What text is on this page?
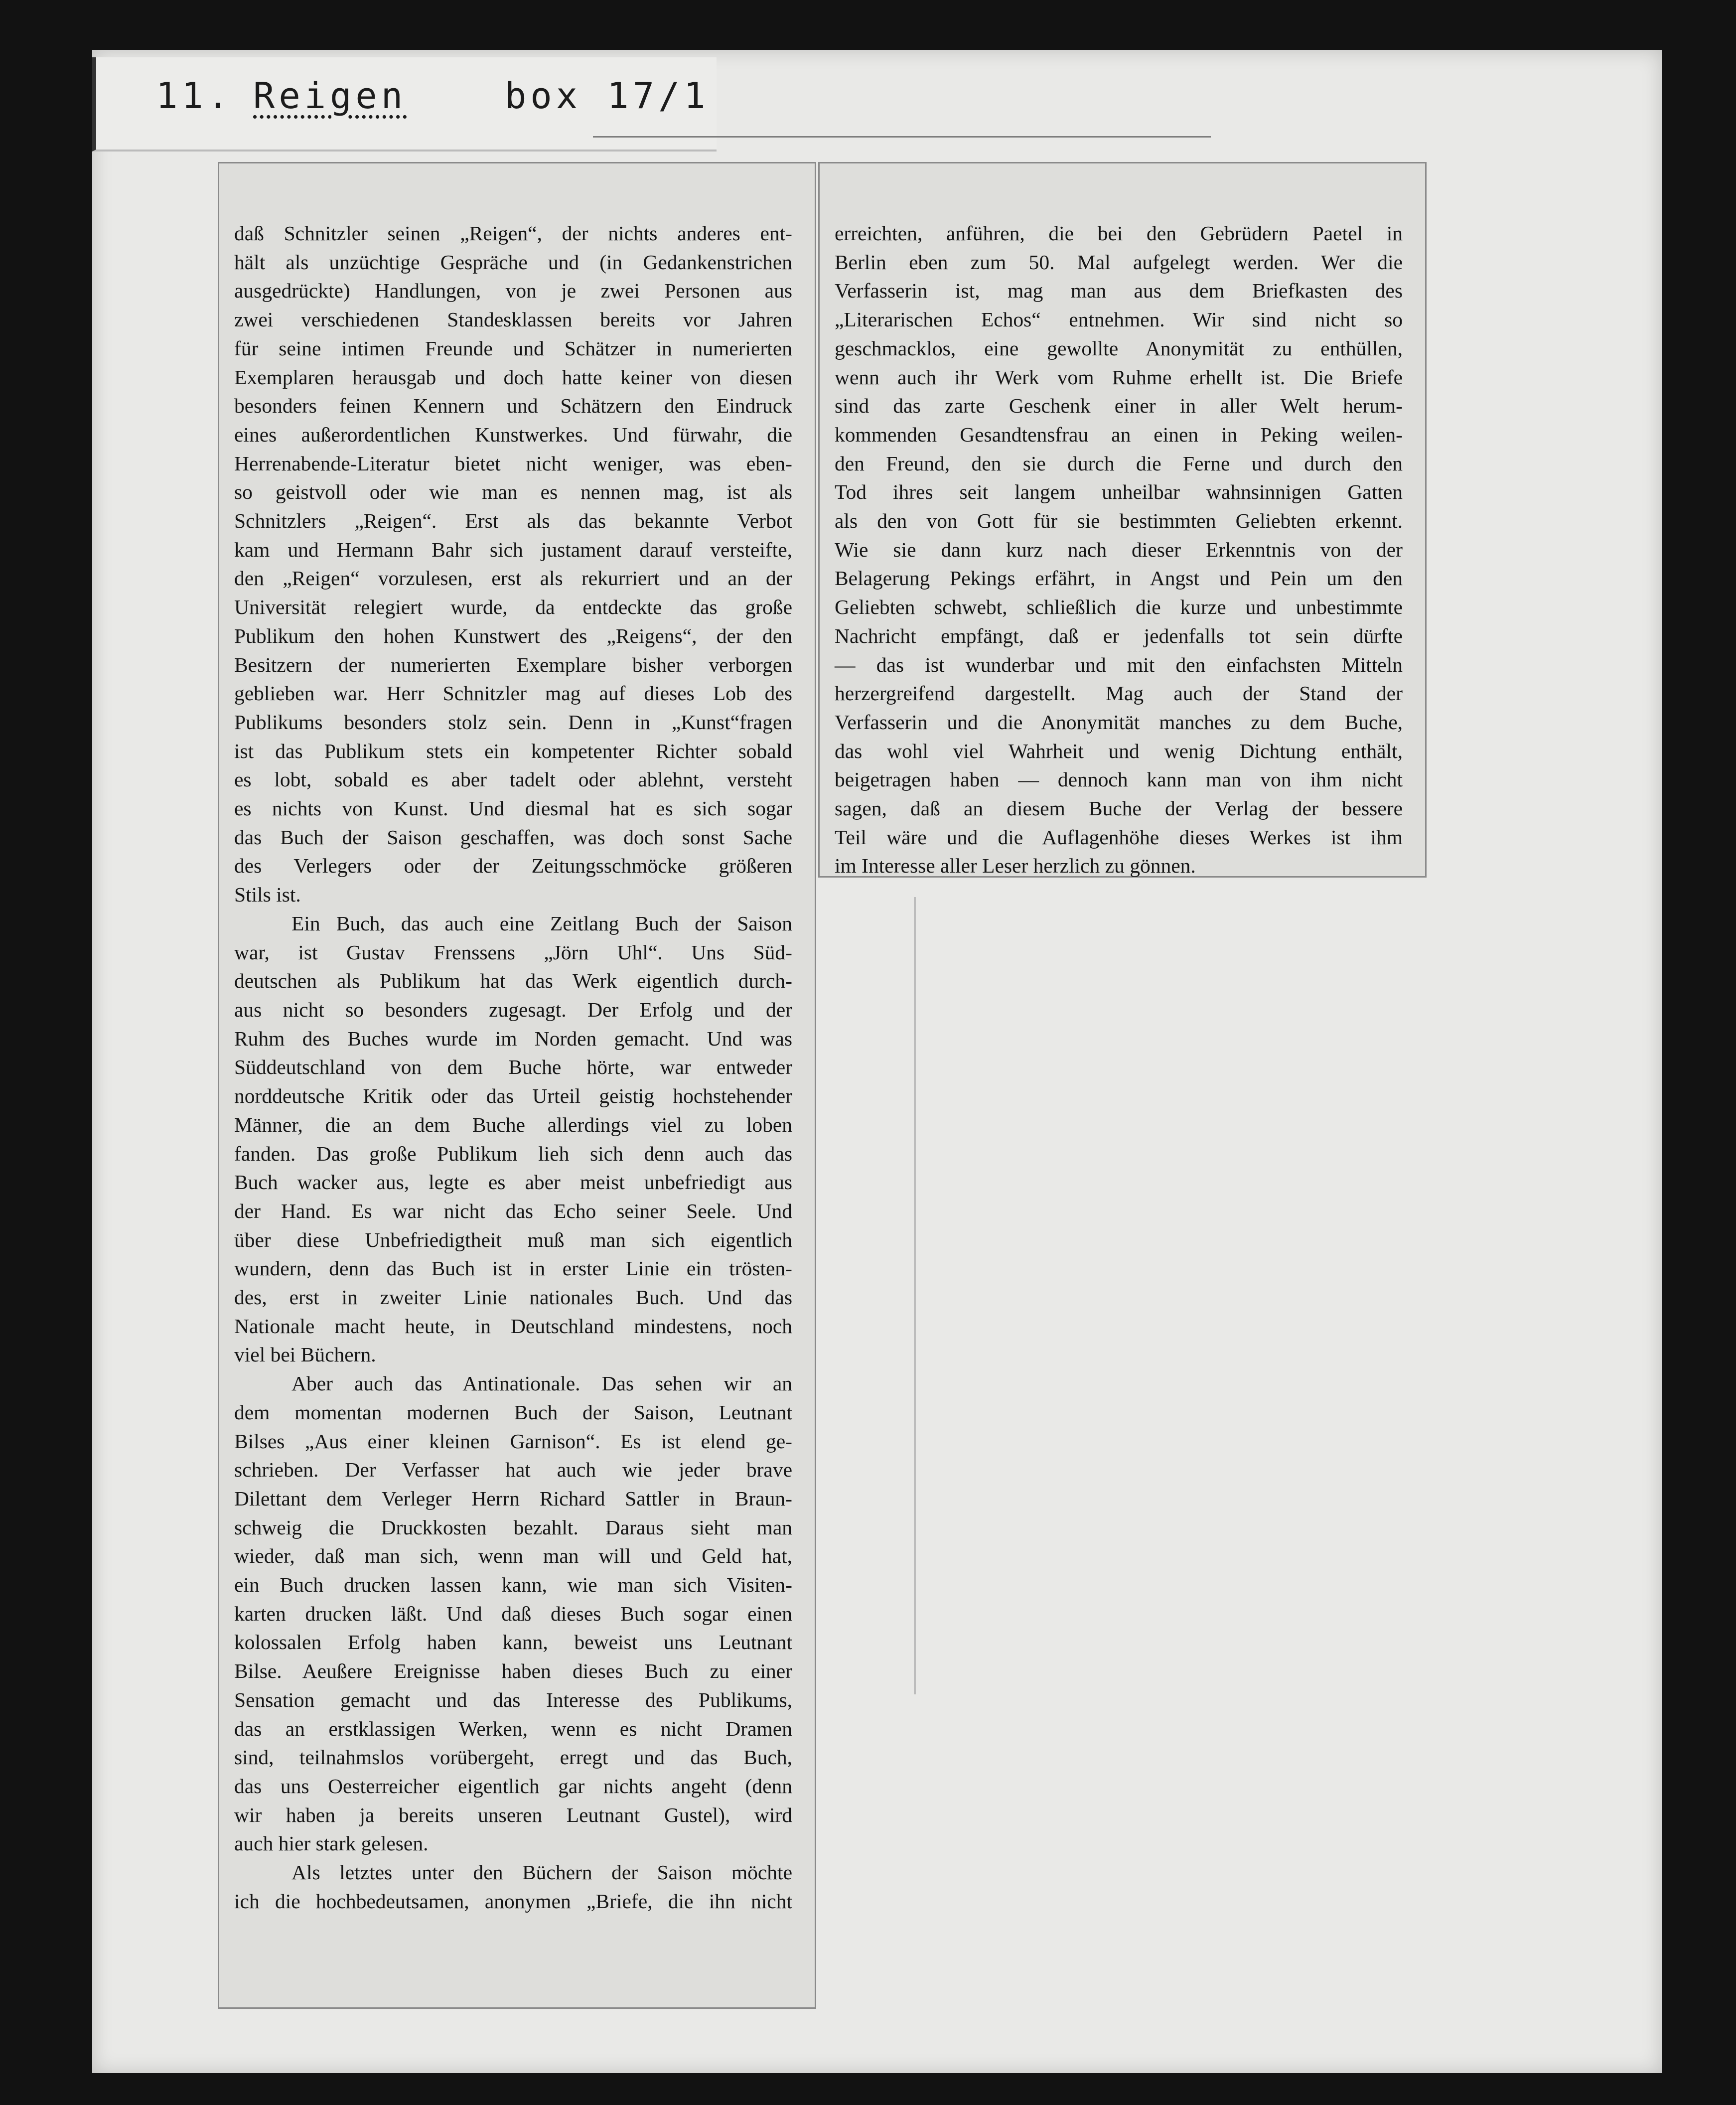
11. Reigen	box 17/1

daß Schnitzler seinen „Reigen“, der nichts anderes ent-

hält als unzüchtige Gespräche und (in Gedankenstrichen

ausgedrückte) Handlungen, von je zwei Personen aus

zwei verschiedenen Standesklassen bereits vor Jahren

für seine intimen Freunde und Schätzer in numerierten

Exemplaren herausgab und doch hatte keiner von diesen

besonders feinen Kennern und Schätzern den Eindruck

eines außerordentlichen Kunstwerkes. Und fürwahr, die

Herrenabende-Literatur bietet nicht weniger, was eben-

so geistvoll oder wie man es nennen mag, ist als

Schnitzlers „Reigen“. Erst als das bekannte Verbot

kam und Hermann Bahr sich justament darauf versteifte,

den „Reigen“ vorzulesen, erst als rekurriert und an der

Universität relegiert wurde, da entdeckte das große

Publikum den hohen Kunstwert des „Reigens“, der den

Besitzern der numerierten Exemplare bisher verborgen

geblieben war. Herr Schnitzler mag auf dieses Lob des

Publikums besonders stolz sein. Denn in „Kunst“fragen

ist das Publikum stets ein kompetenter Richter sobald

es lobt, sobald es aber tadelt oder ablehnt, versteht

es nichts von Kunst. Und diesmal hat es sich sogar

das Buch der Saison geschaffen, was doch sonst Sache

des Verlegers oder der Zeitungsschmöcke größeren

Stils ist.

Ein Buch, das auch eine Zeitlang Buch der Saison

war, ist Gustav Frenssens „Jörn Uhl“. Uns Süd-

deutschen als Publikum hat das Werk eigentlich durch-

aus nicht so besonders zugesagt. Der Erfolg und der

Ruhm des Buches wurde im Norden gemacht. Und was

Süddeutschland von dem Buche hörte, war entweder

norddeutsche Kritik oder das Urteil geistig hochstehender

Männer, die an dem Buche allerdings viel zu loben

fanden. Das große Publikum lieh sich denn auch das

Buch wacker aus, legte es aber meist unbefriedigt aus

der Hand. Es war nicht das Echo seiner Seele. Und

über diese Unbefriedigtheit muß man sich eigentlich

wundern, denn das Buch ist in erster Linie ein trösten-

des, erst in zweiter Linie nationales Buch. Und das

Nationale macht heute, in Deutschland mindestens, noch

viel bei Büchern.

Aber auch das Antinationale. Das sehen wir an

dem momentan modernen Buch der Saison, Leutnant

Bilses „Aus einer kleinen Garnison“. Es ist elend ge-

schrieben. Der Verfasser hat auch wie jeder brave

Dilettant dem Verleger Herrn Richard Sattler in Braun-

schweig die Druckkosten bezahlt. Daraus sieht man

wieder, daß man sich, wenn man will und Geld hat,

ein Buch drucken lassen kann, wie man sich Visiten-

karten drucken läßt. Und daß dieses Buch sogar einen

kolossalen Erfolg haben kann, beweist uns Leutnant

Bilse. Aeußere Ereignisse haben dieses Buch zu einer

Sensation gemacht und das Interesse des Publikums,

das an erstklassigen Werken, wenn es nicht Dramen

sind, teilnahmslos vorübergeht, erregt und das Buch,

das uns Oesterreicher eigentlich gar nichts angeht (denn

wir haben ja bereits unseren Leutnant Gustel), wird

auch hier stark gelesen.

Als letztes unter den Büchern der Saison möchte

ich die hochbedeutsamen, anonymen „Briefe, die ihn nicht

erreichten, anführen, die bei den Gebrüdern Paetel in

Berlin eben zum 50. Mal aufgelegt werden. Wer die

Verfasserin ist, mag man aus dem Briefkasten des

„Literarischen Echos“ entnehmen. Wir sind nicht so

geschmacklos, eine gewollte Anonymität zu enthüllen,

wenn auch ihr Werk vom Ruhme erhellt ist. Die Briefe

sind das zarte Geschenk einer in aller Welt herum-

kommenden Gesandtensfrau an einen in Peking weilen-

den Freund, den sie durch die Ferne und durch den

Tod ihres seit langem unheilbar wahnsinnigen Gatten

als den von Gott für sie bestimmten Geliebten erkennt.

Wie sie dann kurz nach dieser Erkenntnis von der

Belagerung Pekings erfährt, in Angst und Pein um den

Geliebten schwebt, schließlich die kurze und unbestimmte

Nachricht empfängt, daß er jedenfalls tot sein dürfte

— das ist wunderbar und mit den einfachsten Mitteln

herzergreifend dargestellt. Mag auch der Stand der

Verfasserin und die Anonymität manches zu dem Buche,

das wohl viel Wahrheit und wenig Dichtung enthält,

beigetragen haben — dennoch kann man von ihm nicht

sagen, daß an diesem Buche der Verlag der bessere

Teil wäre und die Auflagenhöhe dieses Werkes ist ihm

im Interesse aller Leser herzlich zu gönnen.
